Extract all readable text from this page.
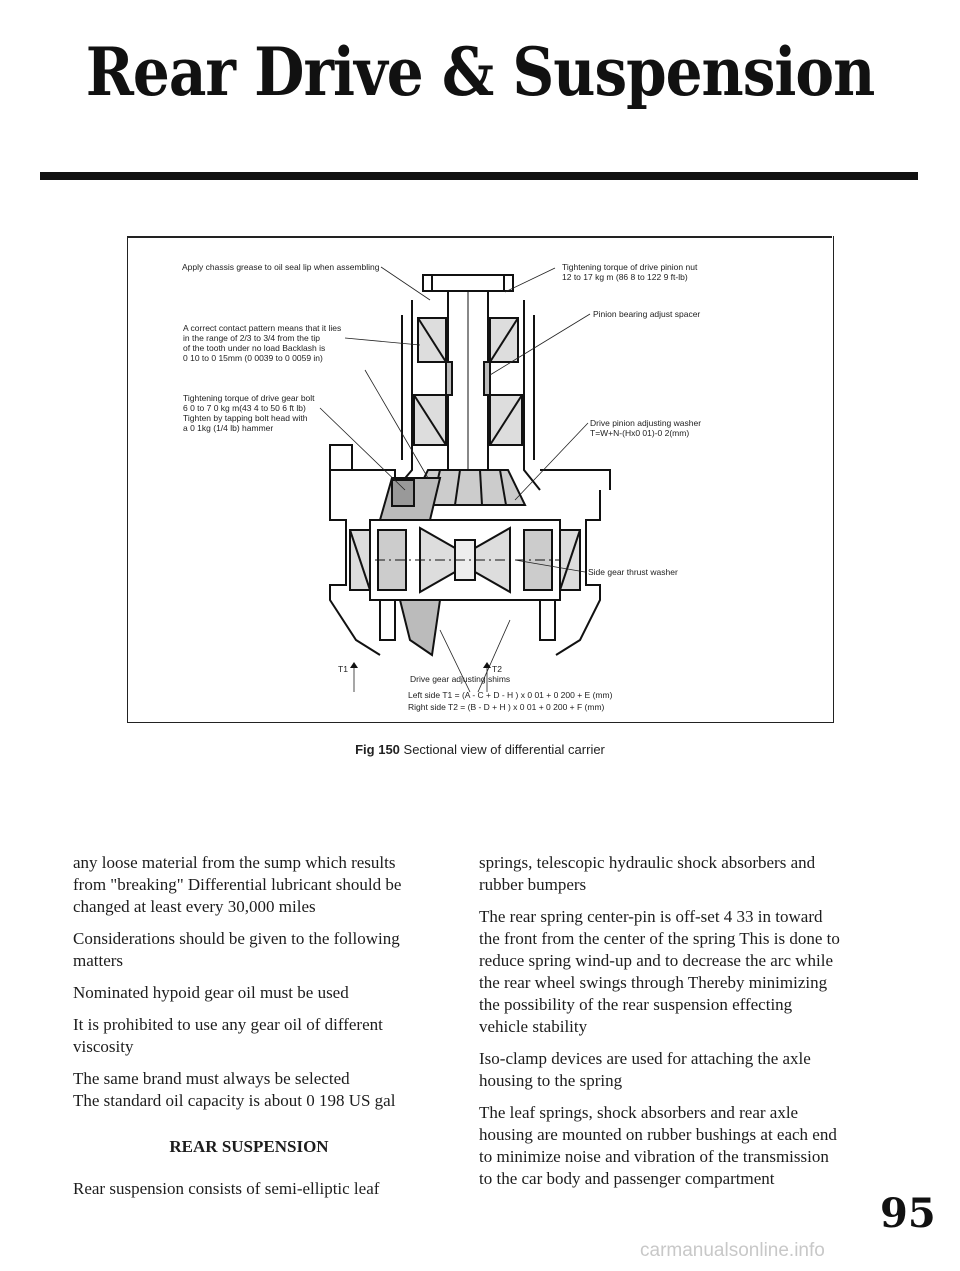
Rear Drive & Suspension
Apply chassis grease to oil seal lip when assembling
A correct contact pattern means that it lies
in the range of 2/3 to 3/4 from the tip
of the tooth under no load Backlash is
0 10 to 0 15mm (0 0039 to 0 0059 in)
Tightening torque of drive gear bolt
6 0 to 7 0 kg m(43 4 to 50 6 ft lb)
Tighten by tapping bolt head with
a 0 1kg (1/4 lb) hammer
Tightening torque of drive pinion nut
12 to 17 kg m (86 8 to 122 9 ft-lb)
Pinion bearing adjust spacer
Drive pinion adjusting washer
T=W+N-(Hx0 01)-0 2(mm)
Side gear thrust washer
T1	T2
Drive gear adjusting shims
Left side T1 = (A - C + D - H ) x 0 01 + 0 200 + E (mm)
Right side T2 = (B - D + H ) x 0 01 + 0 200 + F (mm)
Fig 150 Sectional view of differential carrier

any loose material from the sump which results from "breaking" Differential lubricant should be changed at least every 30,000 miles

Considerations should be given to the following matters

Nominated hypoid gear oil must be used

It is prohibited to use any gear oil of different viscosity

The same brand must always be selected

The standard oil capacity is about 0 198 US gal

REAR SUSPENSION

Rear suspension consists of semi-elliptic leaf

springs, telescopic hydraulic shock absorbers and rubber bumpers

The rear spring center-pin is off-set 4 33 in toward the front from the center of the spring This is done to reduce spring wind-up and to decrease the arc while the rear wheel swings through Thereby minimizing the possibility of the rear suspension effecting vehicle stability

Iso-clamp devices are used for attaching the axle housing to the spring

The leaf springs, shock absorbers and rear axle housing are mounted on rubber bushings at each end to minimize noise and vibration of the transmission to the car body and passenger compartment

95
carmanualsonline.info
